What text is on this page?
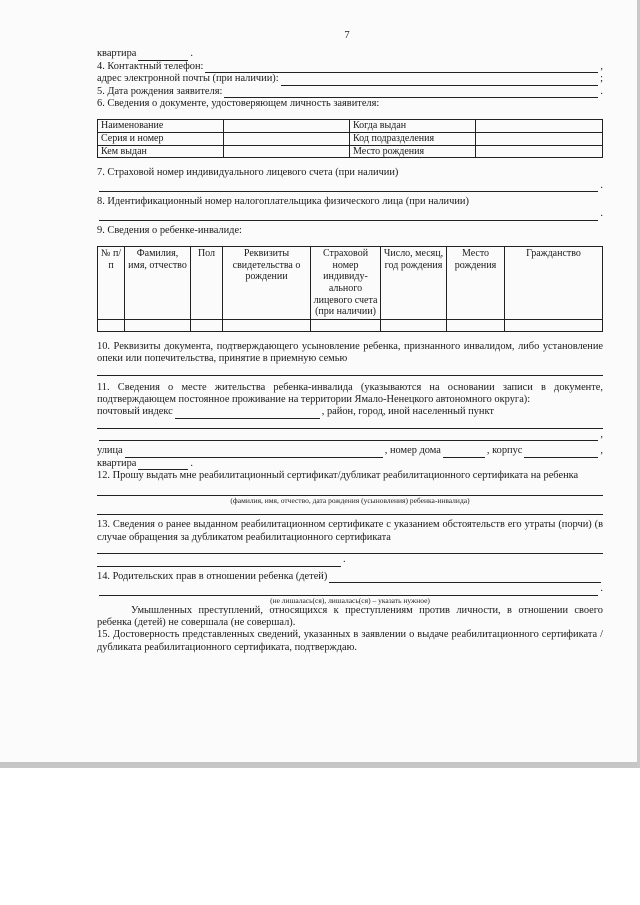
7
квартира	.
4. Контактный телефон:	,
адрес электронной почты (при наличии):	;
5. Дата рождения заявителя:	.
6. Сведения о документе, удостоверяющем личность заявителя:
Наименование		Когда выдан	
Серия и номер		Код подразделения	
Кем выдан		Место рождения	
7. Страховой номер индивидуального лицевого счета (при наличии)
.
8. Идентификационный номер налогоплательщика физического лица (при наличии)
.
9. Сведения о ребенке-инвалиде:
№ п/п	Фамилия, имя, отчество	Пол	Реквизиты свидетельства о рождении	Страховой номер индивиду-ального лицевого счета (при наличии)	Число, месяц, год рождения	Место рождения	Гражданство

10. Реквизиты документа, подтверждающего усыновление ребенка, признанного инвалидом, либо установление опеки или попечительства, принятие в приемную семью
11. Сведения о месте жительства ребенка-инвалида (указываются на основании записи в документе, подтверждающем постоянное проживание на территории Ямало-Ненецкого автономного округа):
почтовый индекс	, район, город, иной населенный пункт
,
улица	, номер дома	, корпус	,
квартира	.
12. Прошу выдать мне реабилитационный сертификат/дубликат реабилитационного сертификата на ребенка
(фамилия, имя, отчество, дата рождения (усыновления) ребенка-инвалида)
13. Сведения о ранее выданном реабилитационном сертификате с указанием обстоятельств его утраты (порчи) (в случае обращения за дубликатом реабилитационного сертификата
.
14. Родительских прав в отношении ребенка (детей)
.
(не лишалась(ся), лишалась(ся) – указать нужное)
Умышленных преступлений, относящихся к преступлениям против личности, в отношении своего ребенка (детей) не совершала (не совершал).
15. Достоверность представленных сведений, указанных в заявлении о выдаче реабилитационного сертификата /дубликата реабилитационного сертификата, подтверждаю.
